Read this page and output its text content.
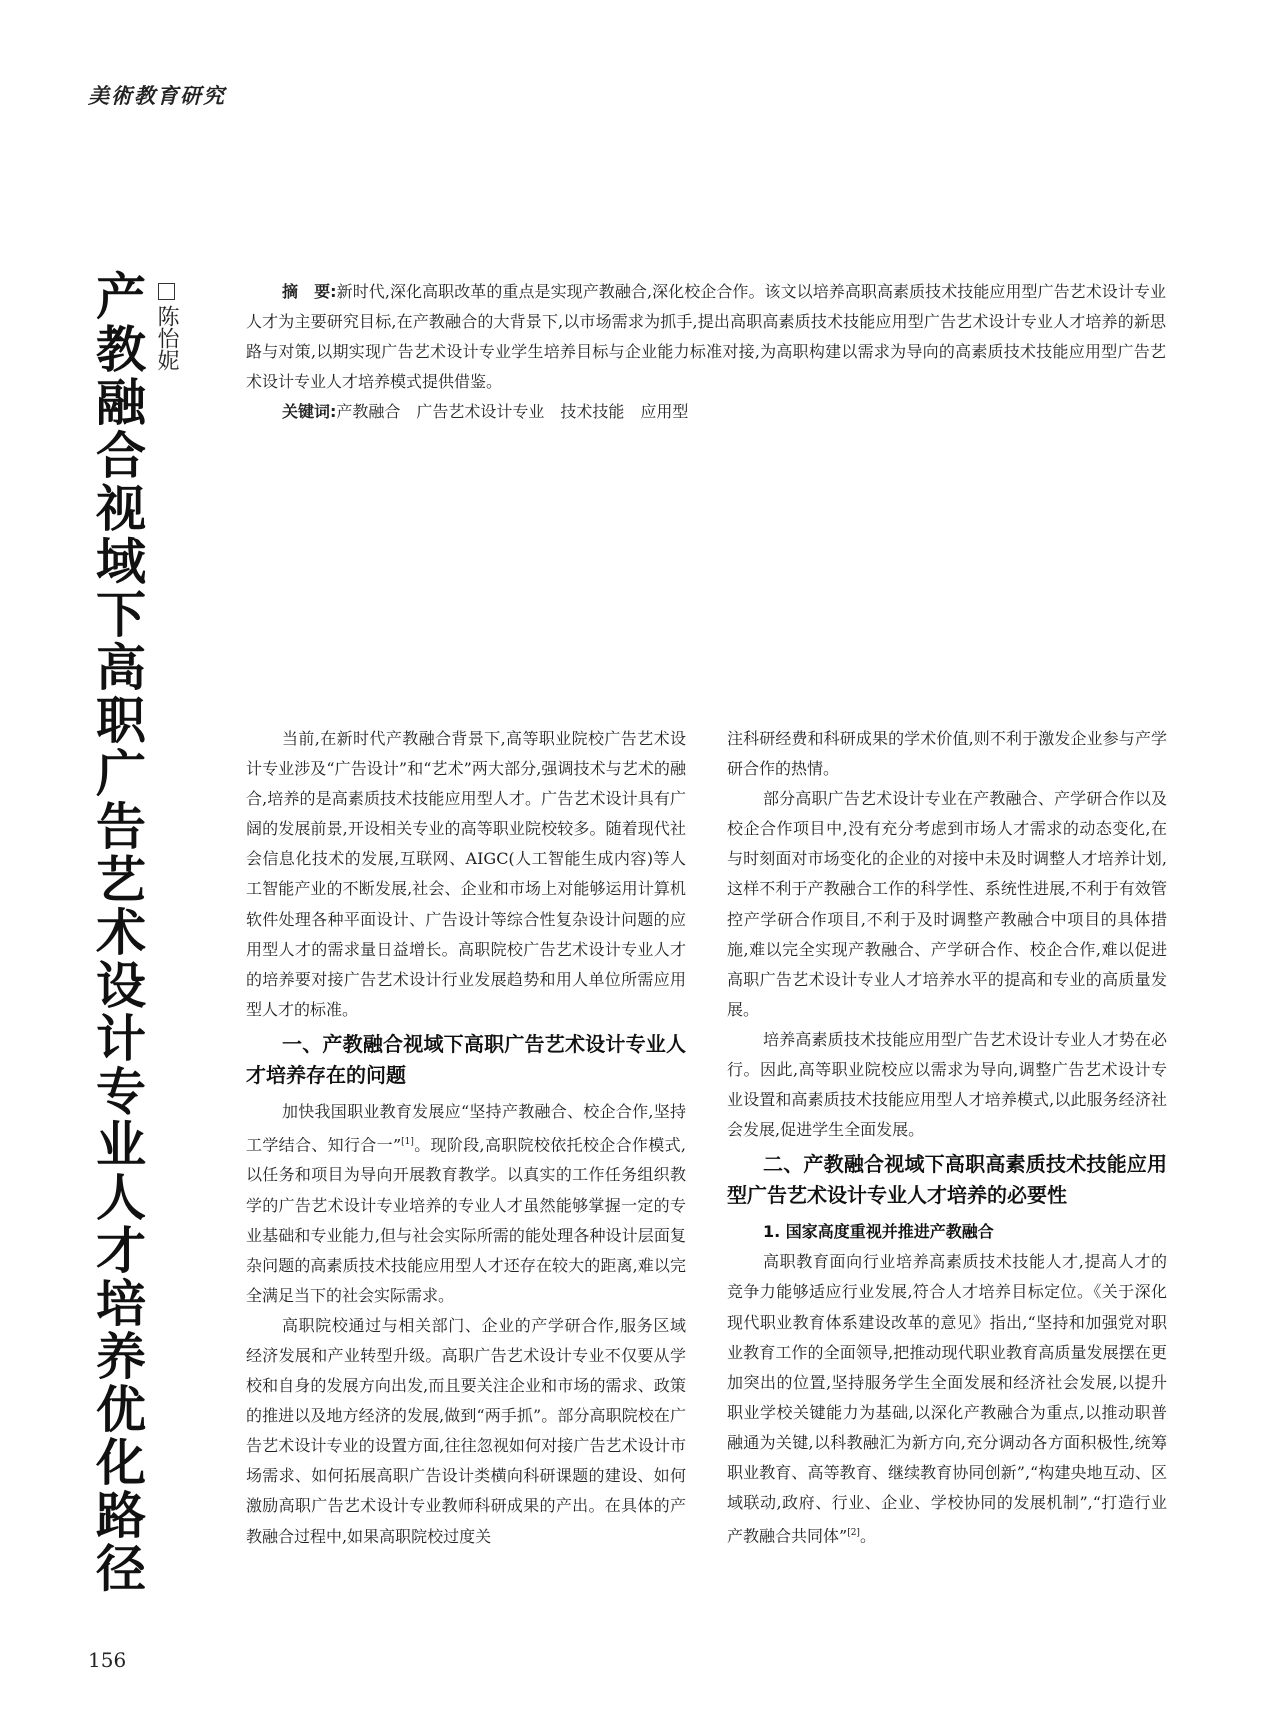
美術教育研究
产教融合视域下高职广告艺术设计专业人才培养优化路径 陈怡妮

摘　要:新时代,深化高职改革的重点是实现产教融合,深化校企合作。该文以培养高职高素质技术技能应用型广告艺术设计专业人才为主要研究目标,在产教融合的大背景下,以市场需求为抓手,提出高职高素质技术技能应用型广告艺术设计专业人才培养的新思路与对策,以期实现广告艺术设计专业学生培养目标与企业能力标准对接,为高职构建以需求为导向的高素质技术技能应用型广告艺术设计专业人才培养模式提供借鉴。

关键词:产教融合　广告艺术设计专业　技术技能　应用型

当前,在新时代产教融合背景下,高等职业院校广告艺术设计专业涉及“广告设计”和“艺术”两大部分,强调技术与艺术的融合,培养的是高素质技术技能应用型人才。广告艺术设计具有广阔的发展前景,开设相关专业的高等职业院校较多。随着现代社会信息化技术的发展,互联网、AIGC(人工智能生成内容)等人工智能产业的不断发展,社会、企业和市场上对能够运用计算机软件处理各种平面设计、广告设计等综合性复杂设计问题的应用型人才的需求量日益增长。高职院校广告艺术设计专业人才的培养要对接广告艺术设计行业发展趋势和用人单位所需应用型人才的标准。

一、产教融合视域下高职广告艺术设计专业人才培养存在的问题

加快我国职业教育发展应“坚持产教融合、校企合作,坚持工学结合、知行合一”[1]。现阶段,高职院校依托校企合作模式,以任务和项目为导向开展教育教学。以真实的工作任务组织教学的广告艺术设计专业培养的专业人才虽然能够掌握一定的专业基础和专业能力,但与社会实际所需的能处理各种设计层面复杂问题的高素质技术技能应用型人才还存在较大的距离,难以完全满足当下的社会实际需求。

高职院校通过与相关部门、企业的产学研合作,服务区域经济发展和产业转型升级。高职广告艺术设计专业不仅要从学校和自身的发展方向出发,而且要关注企业和市场的需求、政策的推进以及地方经济的发展,做到“两手抓”。部分高职院校在广告艺术设计专业的设置方面,往往忽视如何对接广告艺术设计市场需求、如何拓展高职广告设计类横向科研课题的建设、如何激励高职广告艺术设计专业教师科研成果的产出。在具体的产教融合过程中,如果高职院校过度关

注科研经费和科研成果的学术价值,则不利于激发企业参与产学研合作的热情。

部分高职广告艺术设计专业在产教融合、产学研合作以及校企合作项目中,没有充分考虑到市场人才需求的动态变化,在与时刻面对市场变化的企业的对接中未及时调整人才培养计划,这样不利于产教融合工作的科学性、系统性进展,不利于有效管控产学研合作项目,不利于及时调整产教融合中项目的具体措施,难以完全实现产教融合、产学研合作、校企合作,难以促进高职广告艺术设计专业人才培养水平的提高和专业的高质量发展。

培养高素质技术技能应用型广告艺术设计专业人才势在必行。因此,高等职业院校应以需求为导向,调整广告艺术设计专业设置和高素质技术技能应用型人才培养模式,以此服务经济社会发展,促进学生全面发展。

二、产教融合视域下高职高素质技术技能应用型广告艺术设计专业人才培养的必要性
1. 国家高度重视并推进产教融合

高职教育面向行业培养高素质技术技能人才,提高人才的竞争力能够适应行业发展,符合人才培养目标定位。《关于深化现代职业教育体系建设改革的意见》指出,“坚持和加强党对职业教育工作的全面领导,把推动现代职业教育高质量发展摆在更加突出的位置,坚持服务学生全面发展和经济社会发展,以提升职业学校关键能力为基础,以深化产教融合为重点,以推动职普融通为关键,以科教融汇为新方向,充分调动各方面积极性,统筹职业教育、高等教育、继续教育协同创新”,“构建央地互动、区域联动,政府、行业、企业、学校协同的发展机制”,“打造行业产教融合共同体”[2]。

156
